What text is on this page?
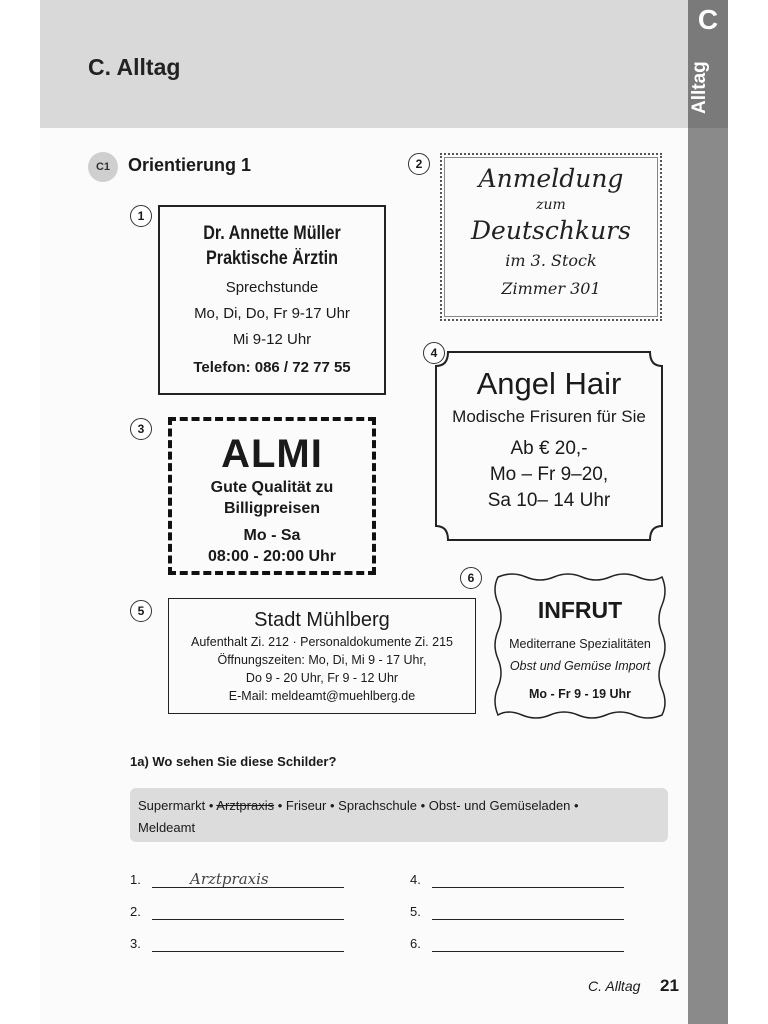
C. Alltag
C
Alltag
C1 Orientierung 1
1
Dr. Annette Müller
Praktische Ärztin
Sprechstunde
Mo, Di, Do, Fr 9-17 Uhr
Mi 9-12 Uhr
Telefon: 086 / 72 77 55
2	Anmeldung
zum
Deutschkurs
im 3. Stock
Zimmer 301
3
ALMI
Gute Qualität zu
Billigpreisen
Mo - Sa
08:00 - 20:00 Uhr
4
Angel Hair
Modische Frisuren für Sie
Ab € 20,-
Mo – Fr 9–20,
Sa 10– 14 Uhr
5	Stadt Mühlberg
Aufenthalt Zi. 212 · Personaldokumente Zi. 215
Öffnungszeiten: Mo, Di, Mi 9 - 17 Uhr,
Do 9 - 20 Uhr, Fr 9 - 12 Uhr
E-Mail: meldeamt@muehlberg.de
6
INFRUT
Mediterrane Spezialitäten
Obst und Gemüse Import
Mo - Fr 9 - 19 Uhr
1a) Wo sehen Sie diese Schilder?
Supermarkt • Arztpraxis • Friseur • Sprachschule • Obst- und Gemüseladen •
Meldeamt
1.	Arztpraxis
2.
3.
4.
5.
6.
C. Alltag 21
